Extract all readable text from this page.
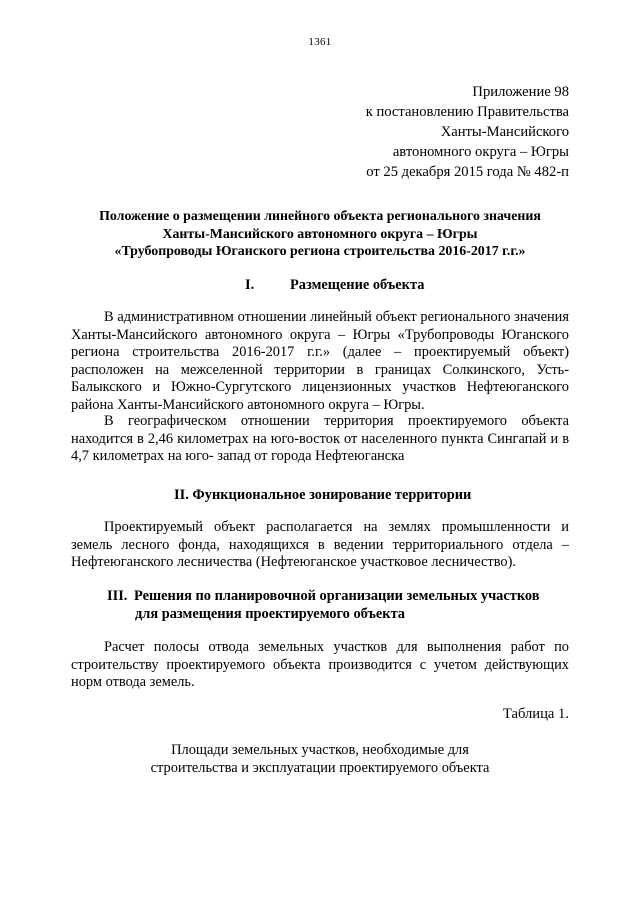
1361
Приложение 98
к постановлению Правительства
Ханты-Мансийского
автономного округа – Югры
от 25 декабря 2015 года № 482-п
Положение о размещении линейного объекта регионального значения
Ханты-Мансийского автономного округа – Югры
«Трубопроводы Юганского региона строительства 2016-2017 г.г.»
I. Размещение объекта
В административном отношении линейный объект регионального значения Ханты-Мансийского автономного округа – Югры «Трубопроводы Юганского региона строительства 2016-2017 г.г.» (далее – проектируемый объект) расположен на межселенной территории в границах Солкинского, Усть-Балыкского и Южно-Сургутского лицензионных участков Нефтеюганского района Ханты-Мансийского автономного округа – Югры.
В географическом отношении территория проектируемого объекта находится в 2,46 километрах на юго-восток от населенного пункта Сингапай и в 4,7 километрах на юго- запад от города Нефтеюганска
II. Функциональное зонирование территории
Проектируемый объект располагается на землях промышленности и земель лесного фонда, находящихся в ведении территориального отдела – Нефтеюганского лесничества (Нефтеюганское участковое лесничество).
III. Решения по планировочной организации земельных участков
для размещения проектируемого объекта
Расчет полосы отвода земельных участков для выполнения работ по строительству проектируемого объекта производится с учетом действующих норм отвода земель.
Таблица 1.
Площади земельных участков, необходимые для
строительства и эксплуатации проектируемого объекта
